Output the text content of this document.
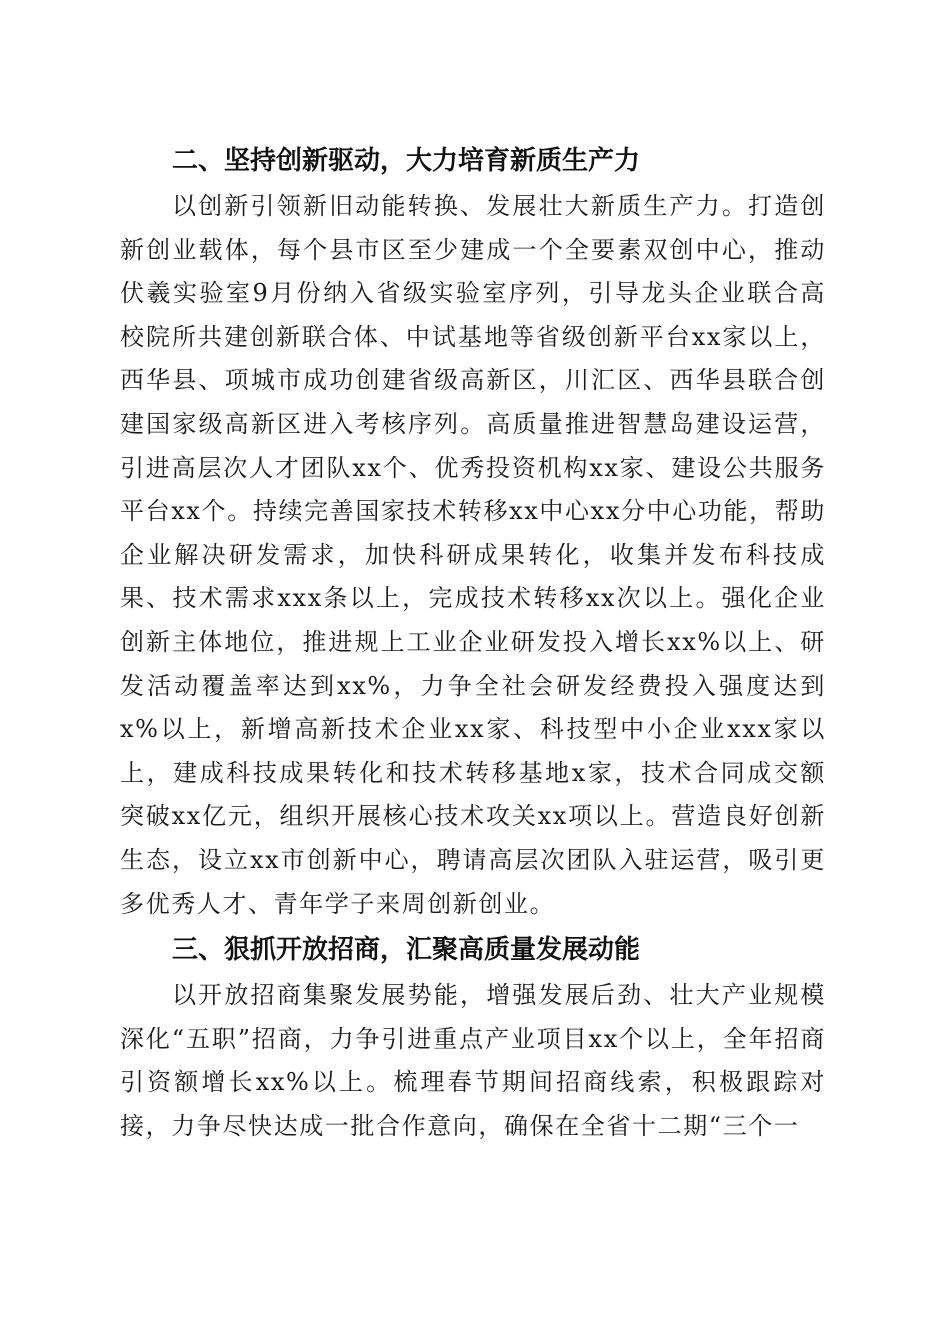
二、坚持创新驱动，大力培育新质生产力

以创新引领新旧动能转换、发展壮大新质生产力。打造创新创业载体，每个县市区至少建成一个全要素双创中心，推动伏羲实验室9月份纳入省级实验室序列，引导龙头企业联合高校院所共建创新联合体、中试基地等省级创新平台xx家以上，西华县、项城市成功创建省级高新区，川汇区、西华县联合创建国家级高新区进入考核序列。高质量推进智慧岛建设运营，引进高层次人才团队xx个、优秀投资机构xx家、建设公共服务平台xx个。持续完善国家技术转移xx中心xx分中心功能，帮助企业解决研发需求，加快科研成果转化，收集并发布科技成果、技术需求xxx条以上，完成技术转移xx次以上。强化企业创新主体地位，推进规上工业企业研发投入增长xx%以上、研发活动覆盖率达到xx%，力争全社会研发经费投入强度达到x%以上，新增高新技术企业xx家、科技型中小企业xxx家以上，建成科技成果转化和技术转移基地x家，技术合同成交额突破xx亿元，组织开展核心技术攻关xx项以上。营造良好创新生态，设立xx市创新中心，聘请高层次团队入驻运营，吸引更多优秀人才、青年学子来周创新创业。

三、狠抓开放招商，汇聚高质量发展动能

以开放招商集聚发展势能，增强发展后劲、壮大产业规模深化“五职”招商，力争引进重点产业项目xx个以上，全年招商引资额增长xx%以上。梳理春节期间招商线索，积极跟踪对接，力争尽快达成一批合作意向，确保在全省十二期“三个一
